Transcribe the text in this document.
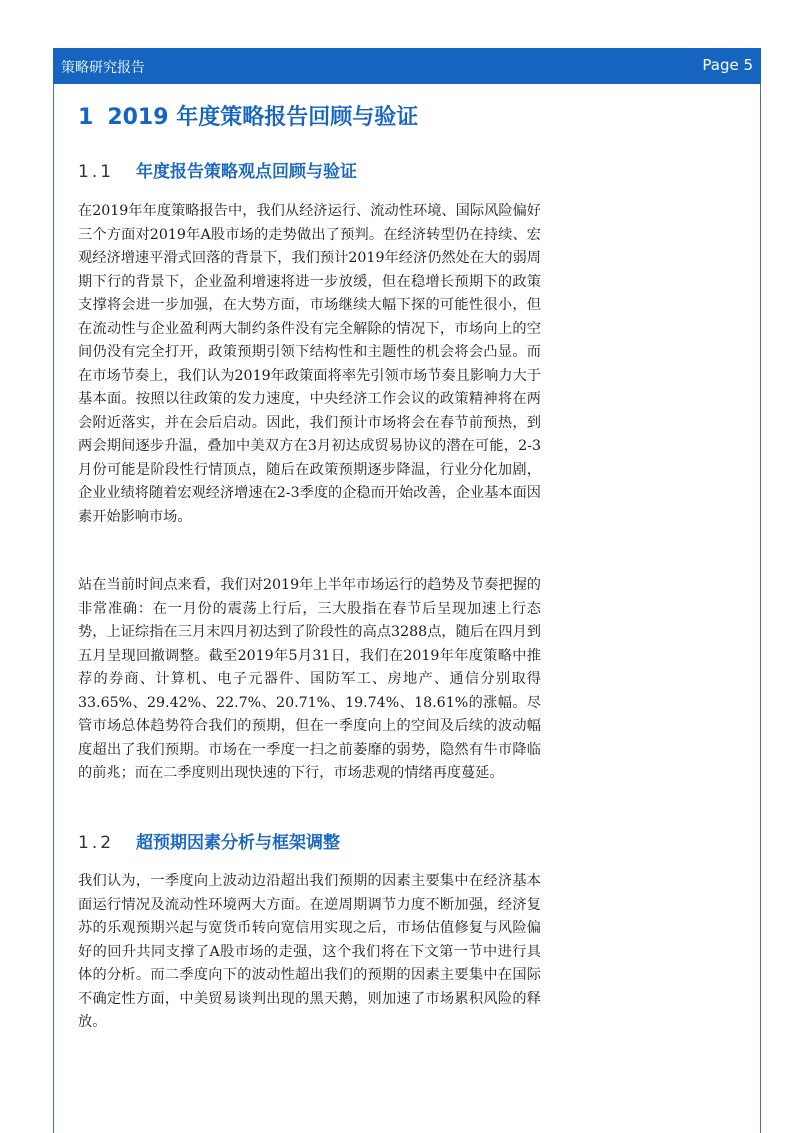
策略研究报告	Page 5
1 2019 年度策略报告回顾与验证
1.1 年度报告策略观点回顾与验证

在2019年年度策略报告中，我们从经济运行、流动性环境、国际风险偏好三个方面对2019年A股市场的走势做出了预判。在经济转型仍在持续、宏观经济增速平滑式回落的背景下，我们预计2019年经济仍然处在大的弱周期下行的背景下，企业盈利增速将进一步放缓，但在稳增长预期下的政策支撑将会进一步加强，在大势方面，市场继续大幅下探的可能性很小，但在流动性与企业盈利两大制约条件没有完全解除的情况下，市场向上的空间仍没有完全打开，政策预期引领下结构性和主题性的机会将会凸显。而在市场节奏上，我们认为2019年政策面将率先引领市场节奏且影响力大于基本面。按照以往政策的发力速度，中央经济工作会议的政策精神将在两会附近落实，并在会后启动。因此，我们预计市场将会在春节前预热，到两会期间逐步升温，叠加中美双方在3月初达成贸易协议的潜在可能，2-3月份可能是阶段性行情顶点，随后在政策预期逐步降温，行业分化加剧，企业业绩将随着宏观经济增速在2-3季度的企稳而开始改善，企业基本面因素开始影响市场。

站在当前时间点来看，我们对2019年上半年市场运行的趋势及节奏把握的非常准确：在一月份的震荡上行后，三大股指在春节后呈现加速上行态势，上证综指在三月末四月初达到了阶段性的高点3288点，随后在四月到五月呈现回撤调整。截至2019年5月31日，我们在2019年年度策略中推荐的券商、计算机、电子元器件、国防军工、房地产、通信分别取得33.65%、29.42%、22.7%、20.71%、19.74%、18.61%的涨幅。尽管市场总体趋势符合我们的预期，但在一季度向上的空间及后续的波动幅度超出了我们预期。市场在一季度一扫之前萎靡的弱势，隐然有牛市降临的前兆；而在二季度则出现快速的下行，市场悲观的情绪再度蔓延。

1.2 超预期因素分析与框架调整

我们认为，一季度向上波动边沿超出我们预期的因素主要集中在经济基本面运行情况及流动性环境两大方面。在逆周期调节力度不断加强，经济复苏的乐观预期兴起与宽货币转向宽信用实现之后，市场估值修复与风险偏好的回升共同支撑了A股市场的走强，这个我们将在下文第一节中进行具体的分析。而二季度向下的波动性超出我们的预期的因素主要集中在国际不确定性方面，中美贸易谈判出现的黑天鹅，则加速了市场累积风险的释放。
